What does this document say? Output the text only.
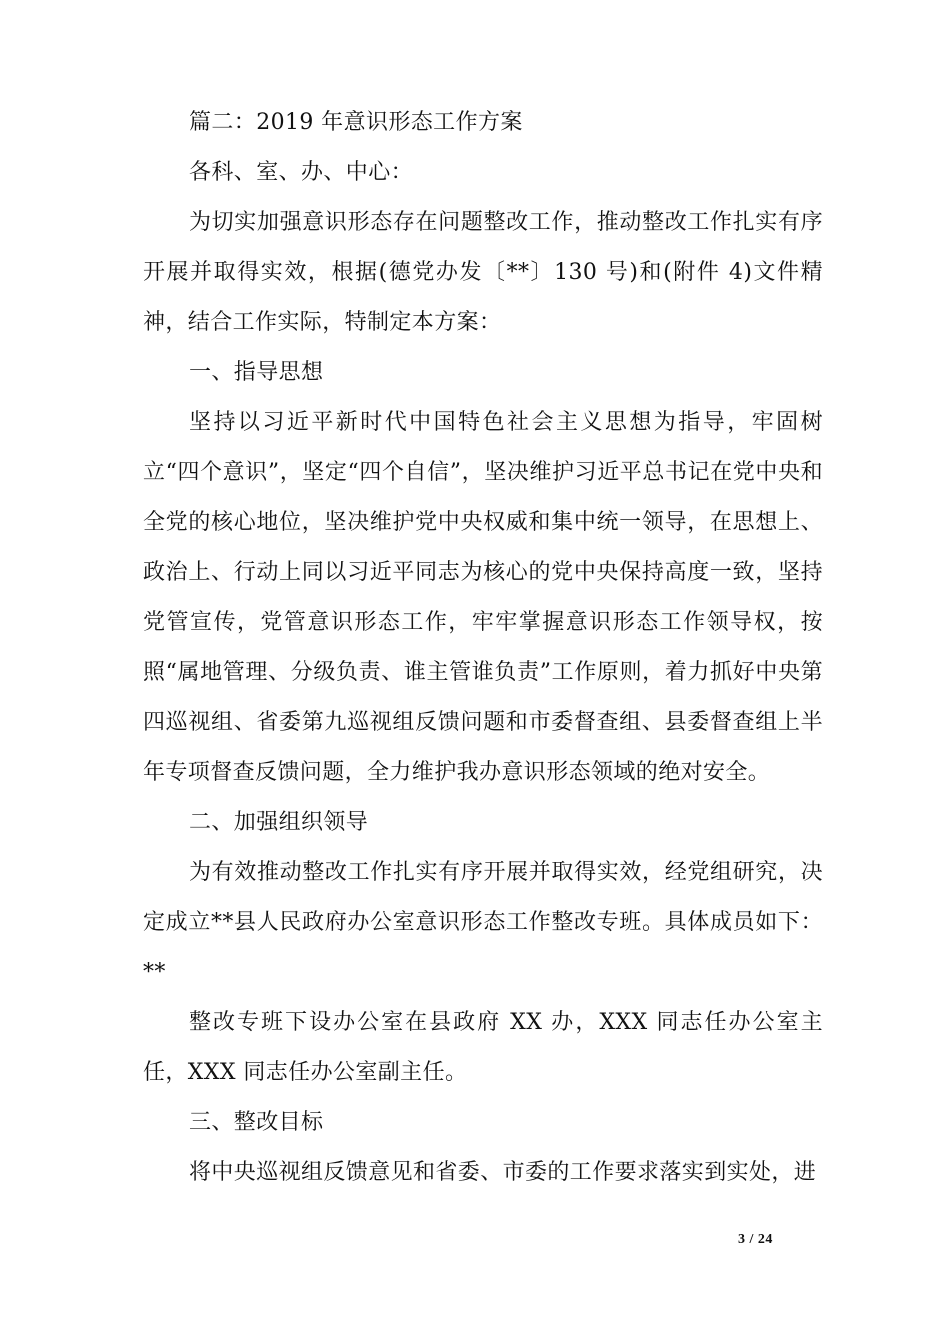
篇二：2019 年意识形态工作方案

各科、室、办、中心：

为切实加强意识形态存在问题整改工作，推动整改工作扎实有序开展并取得实效，根据(德党办发〔**〕130 号)和(附件 4)文件精神，结合工作实际，特制定本方案：

一、指导思想

坚持以习近平新时代中国特色社会主义思想为指导，牢固树立“四个意识”，坚定“四个自信”，坚决维护习近平总书记在党中央和全党的核心地位，坚决维护党中央权威和集中统一领导，在思想上、政治上、行动上同以习近平同志为核心的党中央保持高度一致，坚持党管宣传，党管意识形态工作，牢牢掌握意识形态工作领导权，按照“属地管理、分级负责、谁主管谁负责”工作原则，着力抓好中央第四巡视组、省委第九巡视组反馈问题和市委督查组、县委督查组上半年专项督查反馈问题，全力维护我办意识形态领域的绝对安全。

二、加强组织领导

为有效推动整改工作扎实有序开展并取得实效，经党组研究，决定成立**县人民政府办公室意识形态工作整改专班。具体成员如下：**

整改专班下设办公室在县政府 XX 办，XXX 同志任办公室主任，XXX 同志任办公室副主任。

三、整改目标

将中央巡视组反馈意见和省委、市委的工作要求落实到实处，进

3 / 24
